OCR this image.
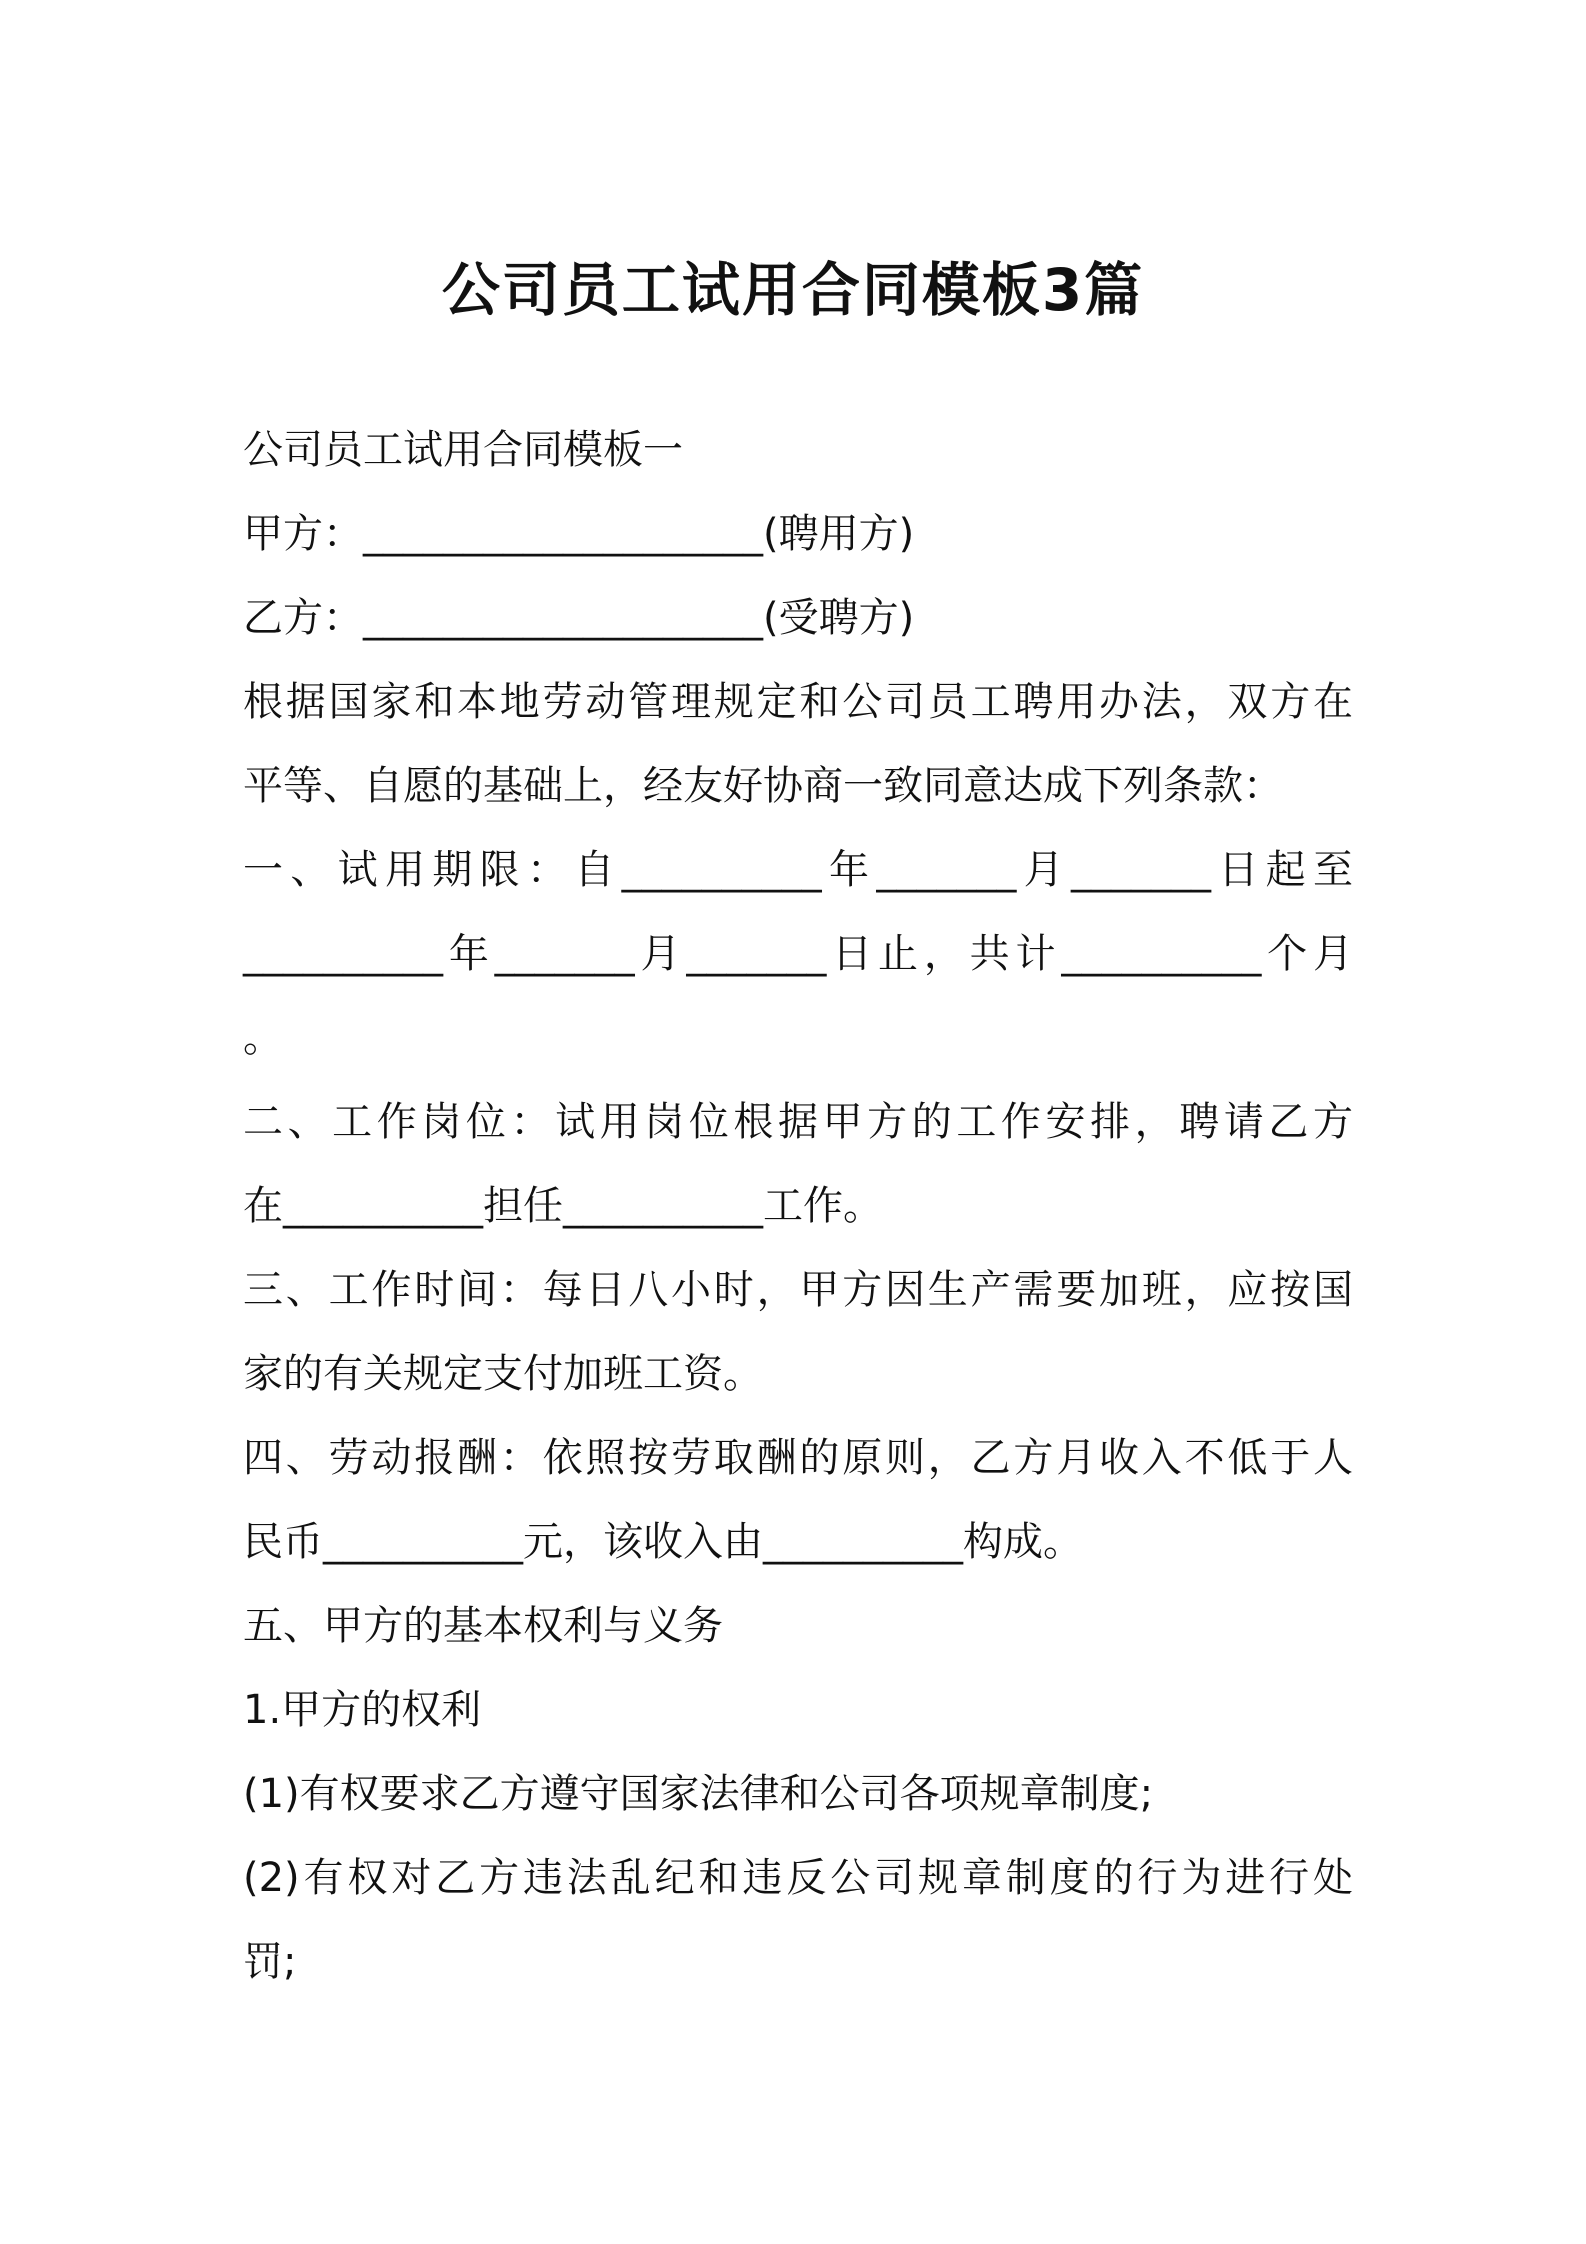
公司员工试用合同模板3篇
公司员工试用合同模板一
甲方：____________________(聘用方)
乙方：____________________(受聘方)
根据国家和本地劳动管理规定和公司员工聘用办法，双方在
平等、自愿的基础上，经友好协商一致同意达成下列条款：
一、试用期限：自__________年_______月_______日起至
__________年_______月_______日止，共计__________个月
。
二、工作岗位：试用岗位根据甲方的工作安排，聘请乙方
在__________担任__________工作。
三、工作时间：每日八小时，甲方因生产需要加班，应按国
家的有关规定支付加班工资。
四、劳动报酬：依照按劳取酬的原则，乙方月收入不低于人
民币__________元，该收入由__________构成。
五、甲方的基本权利与义务
1.甲方的权利
(1)有权要求乙方遵守国家法律和公司各项规章制度;
(2)有权对乙方违法乱纪和违反公司规章制度的行为进行处
罚;
